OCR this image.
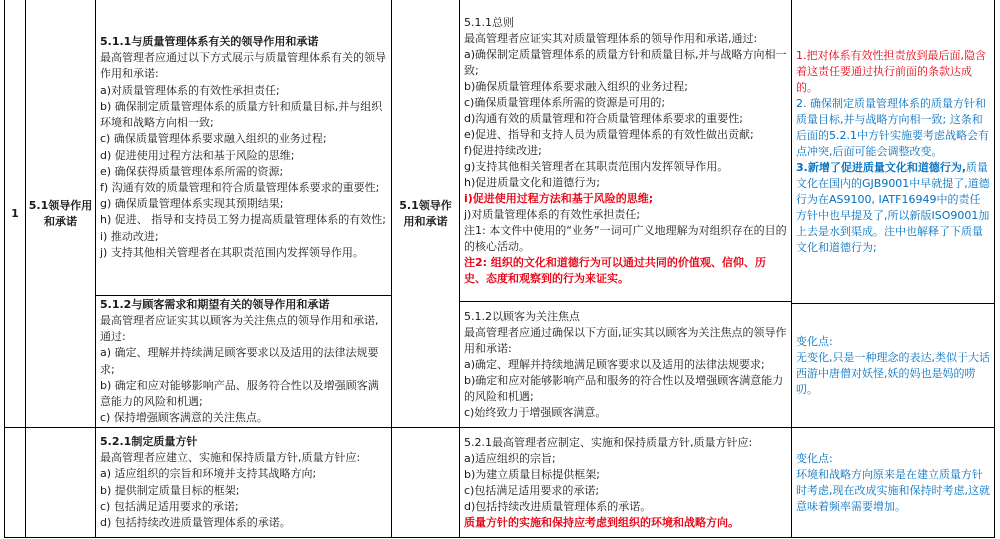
1
5.1领导作用和承诺
5.1.1与质量管理体系有关的领导作用和承诺
最高管理者应通过以下方式展示与质量管理体系有关的领导作用和承诺:
a)对质量管理体系的有效性承担责任;
b) 确保制定质量管理体系的质量方针和质量目标,并与组织环境和战略方向相一致;
c) 确保质量管理体系要求融入组织的业务过程;
d) 促进使用过程方法和基于风险的思维;
e) 确保获得质量管理体系所需的资源;
f) 沟通有效的质量管理和符合质量管理体系要求的重要性;
g) 确保质量管理体系实现其预期结果;
h) 促进、 指导和支持员工努力提高质量管理体系的有效性;
i) 推动改进;
j) 支持其他相关管理者在其职责范围内发挥领导作用。
5.1.2与顾客需求和期望有关的领导作用和承诺
最高管理者应证实其以顾客为关注焦点的领导作用和承诺,通过:
a) 确定、理解并持续满足顾客要求以及适用的法律法规要求;
b) 确定和应对能够影响产品、服务符合性以及增强顾客满意能力的风险和机遇;
c) 保持增强顾客满意的关注焦点。
5.1领导作用和承诺
5.1.1总则
最高管理者应证实其对质量管理体系的领导作用和承诺,通过:
a)确保制定质量管理体系的质量方针和质量目标,并与战略方向相一致;
b)确保质量管理体系要求融入组织的业务过程;
c)确保质量管理体系所需的资源是可用的;
d)沟通有效的质量管理和符合质量管理体系要求的重要性;
e)促进、指导和支持人员为质量管理体系的有效性做出贡献;
f)促进持续改进;
g)支持其他相关管理者在其职责范围内发挥领导作用。
h)促进质量文化和道德行为;
i)促进使用过程方法和基于风险的思维;
j)对质量管理体系的有效性承担责任;
注1: 本文件中使用的“业务”一词可广义地理解为对组织存在的目的的核心活动。
注2: 组织的文化和道德行为可以通过共同的价值观、信仰、历史、态度和观察到的行为来证实。
5.1.2以顾客为关注焦点
最高管理者应通过确保以下方面,证实其以顾客为关注焦点的领导作用和承诺:
a)确定、理解并持续地满足顾客要求以及适用的法律法规要求;
b)确定和应对能够影响产品和服务的符合性以及增强顾客满意能力的风险和机遇;
c)始终致力于增强顾客满意。
1.把对体系有效性担责放到最后面,隐含着这责任要通过执行前面的条款达成的。
2. 确保制定质量管理体系的质量方针和质量目标,并与战略方向相一致; 这条和后面的5.2.1中方针实施要考虑战略会有点冲突,后面可能会调整改变。
3.新增了促进质量文化和道德行为,质量文化在国内的GJB9001中早就提了,道德行为在AS9100, IATF16949中的责任方针中也早提及了,所以新版ISO9001加上去是水到渠成。注中也解释了下质量文化和道德行为;
变化点:
无变化,只是一种理念的表达,类似于大话西游中唐僧对妖怪,妖的妈也是妈的唠叨。
5.2.1制定质量方针
最高管理者应建立、实施和保持质量方针,质量方针应:
a) 适应组织的宗旨和环境并支持其战略方向;
b) 提供制定质量目标的框架;
c) 包括满足适用要求的承诺;
d) 包括持续改进质量管理体系的承诺。
5.2.1最高管理者应制定、实施和保持质量方针,质量方针应:
a)适应组织的宗旨;
b)为建立质量目标提供框架;
c)包括满足适用要求的承诺;
d)包括持续改进质量管理体系的承诺。
质量方针的实施和保持应考虑到组织的环境和战略方向。
变化点:
环境和战略方向原来是在建立质量方针时考虑,现在改成实施和保持时考虑,这就意味着频率需要增加。
